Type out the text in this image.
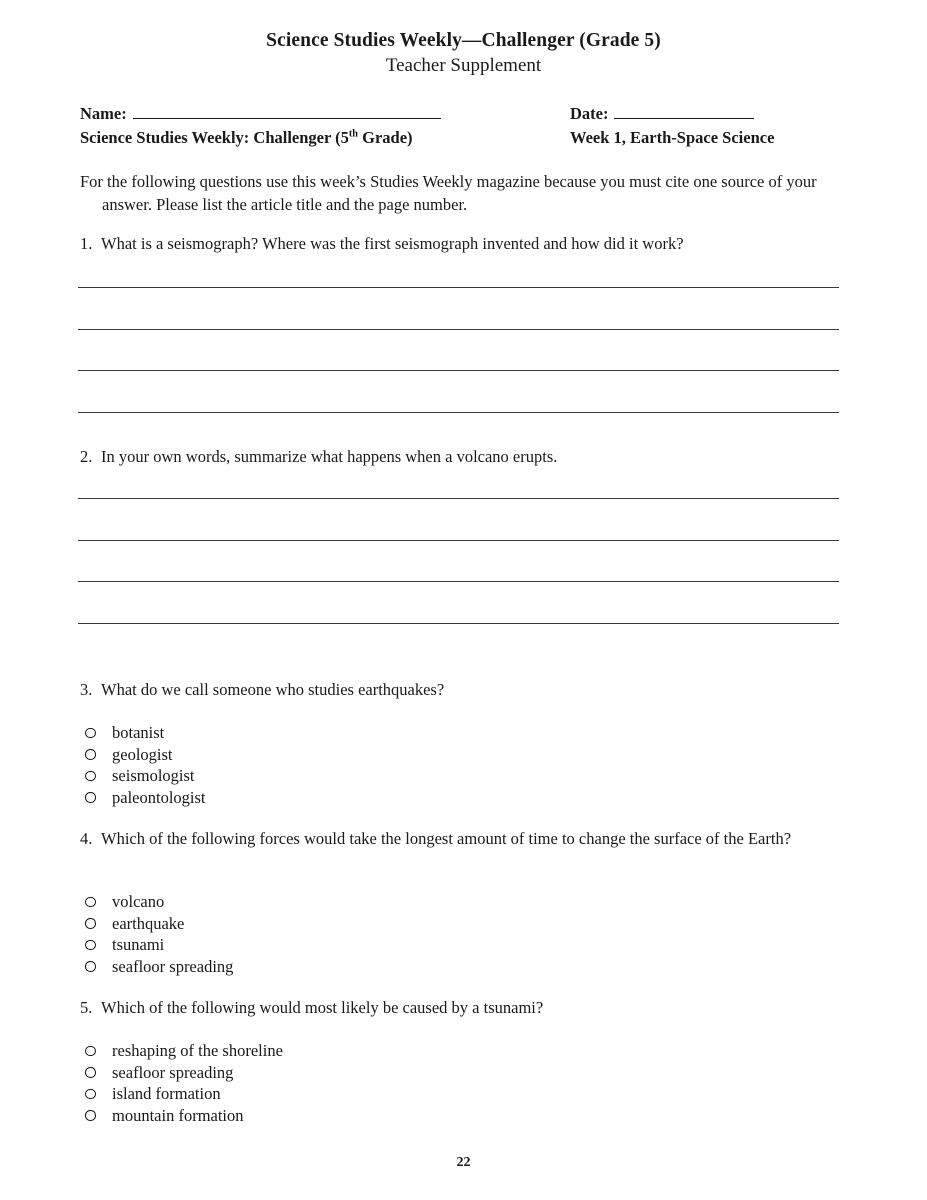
Science Studies Weekly—Challenger (Grade 5)
Teacher Supplement
Name:	Date:
Science Studies Weekly: Challenger (5th Grade)	Week 1, Earth-Space Science
For the following questions use this week’s Studies Weekly magazine because you must cite one source of your answer. Please list the article title and the page number.
1. What is a seismograph? Where was the first seismograph invented and how did it work?
2. In your own words, summarize what happens when a volcano erupts.
3. What do we call someone who studies earthquakes?
botanist
geologist
seismologist
paleontologist
4. Which of the following forces would take the longest amount of time to change the surface of the Earth?
volcano
earthquake
tsunami
seafloor spreading
5. Which of the following would most likely be caused by a tsunami?
reshaping of the shoreline
seafloor spreading
island formation
mountain formation
22
